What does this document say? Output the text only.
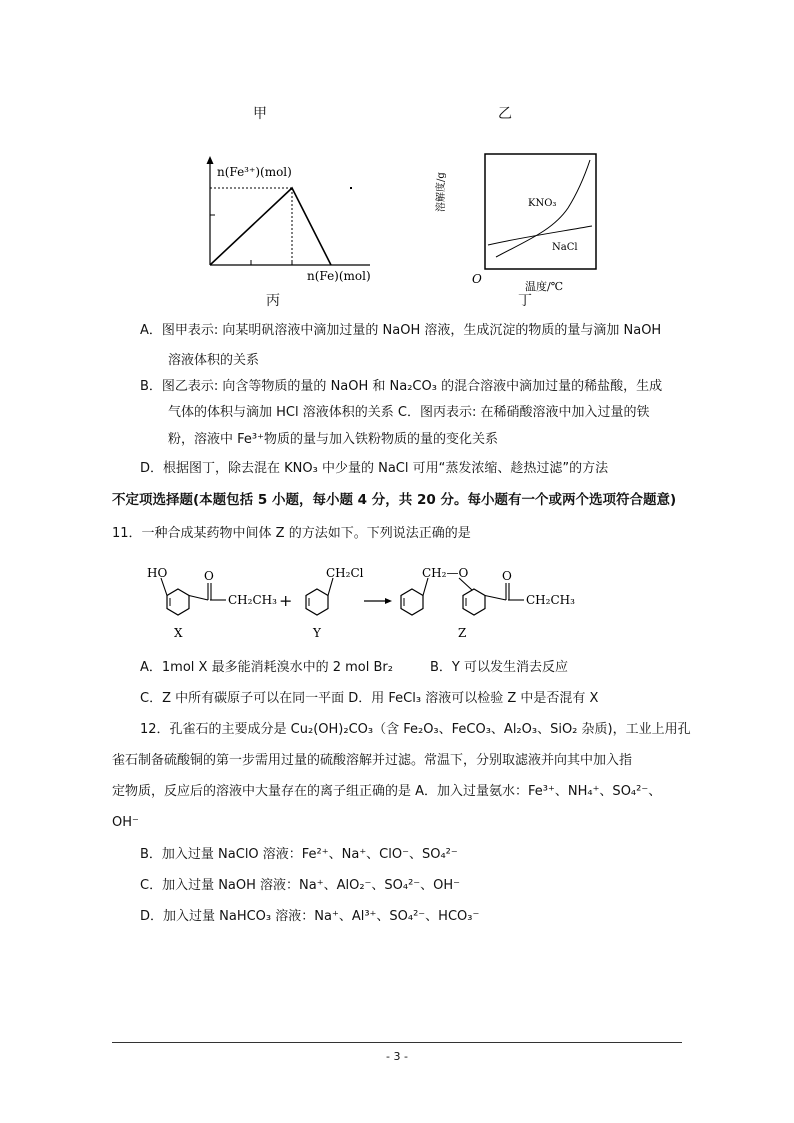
甲	乙
n(Fe³⁺)(mol)
n(Fe)(mol)
KNO₃
NaCl
溶解度/g
O
温度/℃
丙	丁
A．图甲表示: 向某明矾溶液中滴加过量的 NaOH 溶液，生成沉淀的物质的量与滴加 NaOH
溶液体积的关系
B．图乙表示: 向含等物质的量的 NaOH 和 Na₂CO₃ 的混合溶液中滴加过量的稀盐酸，生成
气体的体积与滴加 HCl 溶液体积的关系 C．图丙表示: 在稀硝酸溶液中加入过量的铁
粉，溶液中 Fe³⁺物质的量与加入铁粉物质的量的变化关系
D．根据图丁，除去混在 KNO₃ 中少量的 NaCl 可用“蒸发浓缩、趁热过滤”的方法
不定项选择题(本题包括 5 小题，每小题 4 分，共 20 分。每小题有一个或两个选项符合题意)
11．一种合成某药物中间体 Z 的方法如下。下列说法正确的是
HO	O
CH₂CH₃
X
+
CH₂Cl
Y
CH₂—O	O
CH₂CH₃
Z
A．1mol X 最多能消耗溴水中的 2 mol Br₂	B．Y 可以发生消去反应
C．Z 中所有碳原子可以在同一平面 D．用 FeCl₃ 溶液可以检验 Z 中是否混有 X
12．孔雀石的主要成分是 Cu₂(OH)₂CO₃（含 Fe₂O₃、FeCO₃、Al₂O₃、SiO₂ 杂质)，工业上用孔
雀石制备硫酸铜的第一步需用过量的硫酸溶解并过滤。常温下，分别取滤液并向其中加入指
定物质，反应后的溶液中大量存在的离子组正确的是 A．加入过量氨水：Fe³⁺、NH₄⁺、SO₄²⁻、
OH⁻
B．加入过量 NaClO 溶液：Fe²⁺、Na⁺、ClO⁻、SO₄²⁻
C．加入过量 NaOH 溶液：Na⁺、AlO₂⁻、SO₄²⁻、OH⁻
D．加入过量 NaHCO₃ 溶液：Na⁺、Al³⁺、SO₄²⁻、HCO₃⁻
- 3 -
